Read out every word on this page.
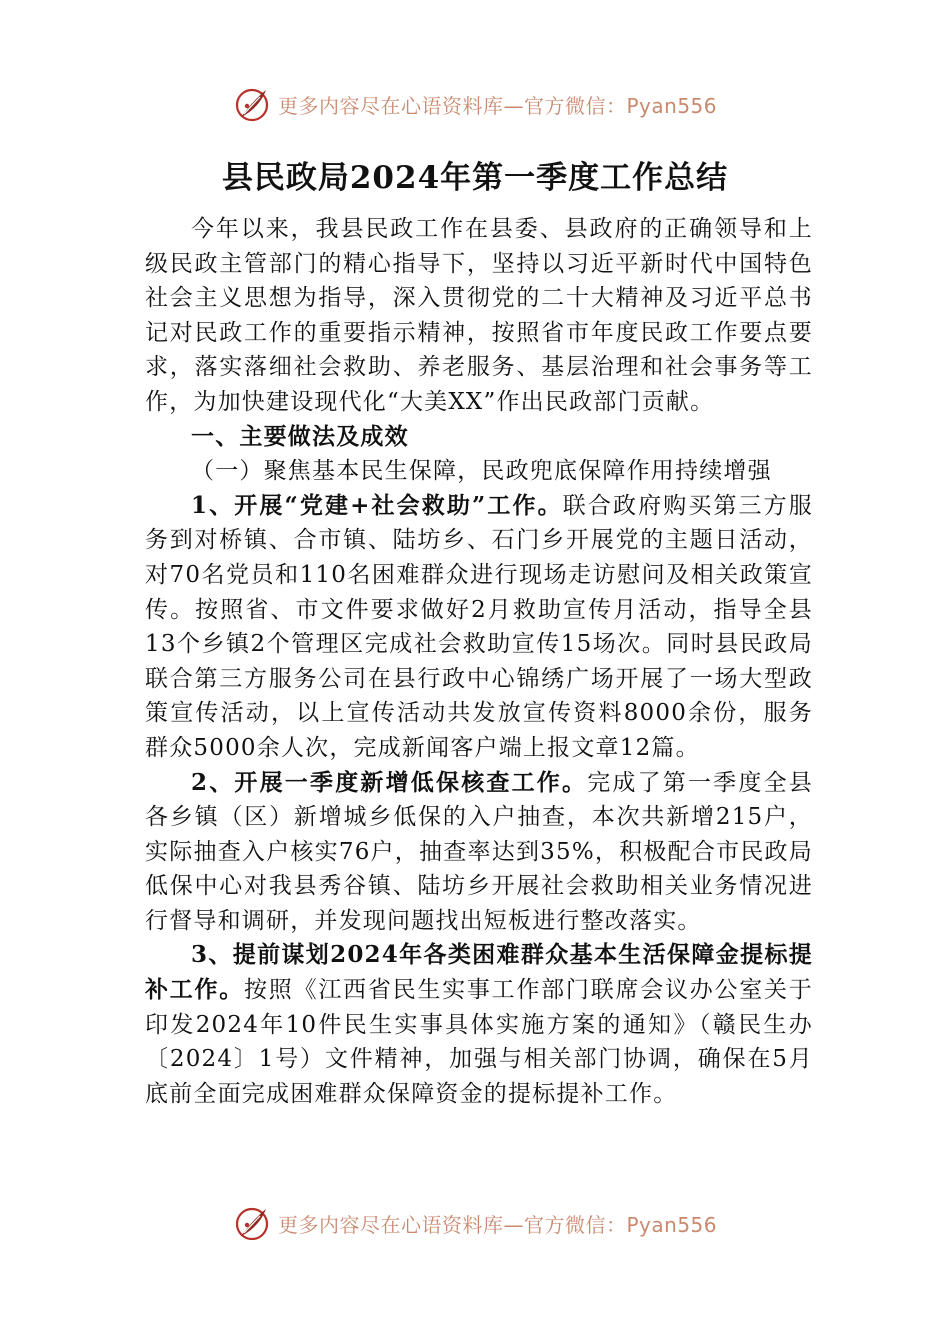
更多内容尽在心语资料库—官方微信：Pyan556
县民政局2024年第一季度工作总结

今年以来，我县民政工作在县委、县政府的正确领导和上级民政主管部门的精心指导下，坚持以习近平新时代中国特色社会主义思想为指导，深入贯彻党的二十大精神及习近平总书记对民政工作的重要指示精神，按照省市年度民政工作要点要求，落实落细社会救助、养老服务、基层治理和社会事务等工作，为加快建设现代化“大美XX”作出民政部门贡献。

一、主要做法及成效

（一）聚焦基本民生保障，民政兜底保障作用持续增强

1、开展“党建+社会救助”工作。联合政府购买第三方服务到对桥镇、合市镇、陆坊乡、石门乡开展党的主题日活动，对70名党员和110名困难群众进行现场走访慰问及相关政策宣传。按照省、市文件要求做好2月救助宣传月活动，指导全县13个乡镇2个管理区完成社会救助宣传15场次。同时县民政局联合第三方服务公司在县行政中心锦绣广场开展了一场大型政策宣传活动，以上宣传活动共发放宣传资料8000余份，服务群众5000余人次，完成新闻客户端上报文章12篇。

2、开展一季度新增低保核查工作。完成了第一季度全县各乡镇（区）新增城乡低保的入户抽查，本次共新增215户，实际抽查入户核实76户，抽查率达到35%，积极配合市民政局低保中心对我县秀谷镇、陆坊乡开展社会救助相关业务情况进行督导和调研，并发现问题找出短板进行整改落实。

3、提前谋划2024年各类困难群众基本生活保障金提标提补工作。按照《江西省民生实事工作部门联席会议办公室关于印发2024年10件民生实事具体实施方案的通知》（赣民生办〔2024〕1号）文件精神，加强与相关部门协调，确保在5月底前全面完成困难群众保障资金的提标提补工作。

更多内容尽在心语资料库—官方微信：Pyan556
